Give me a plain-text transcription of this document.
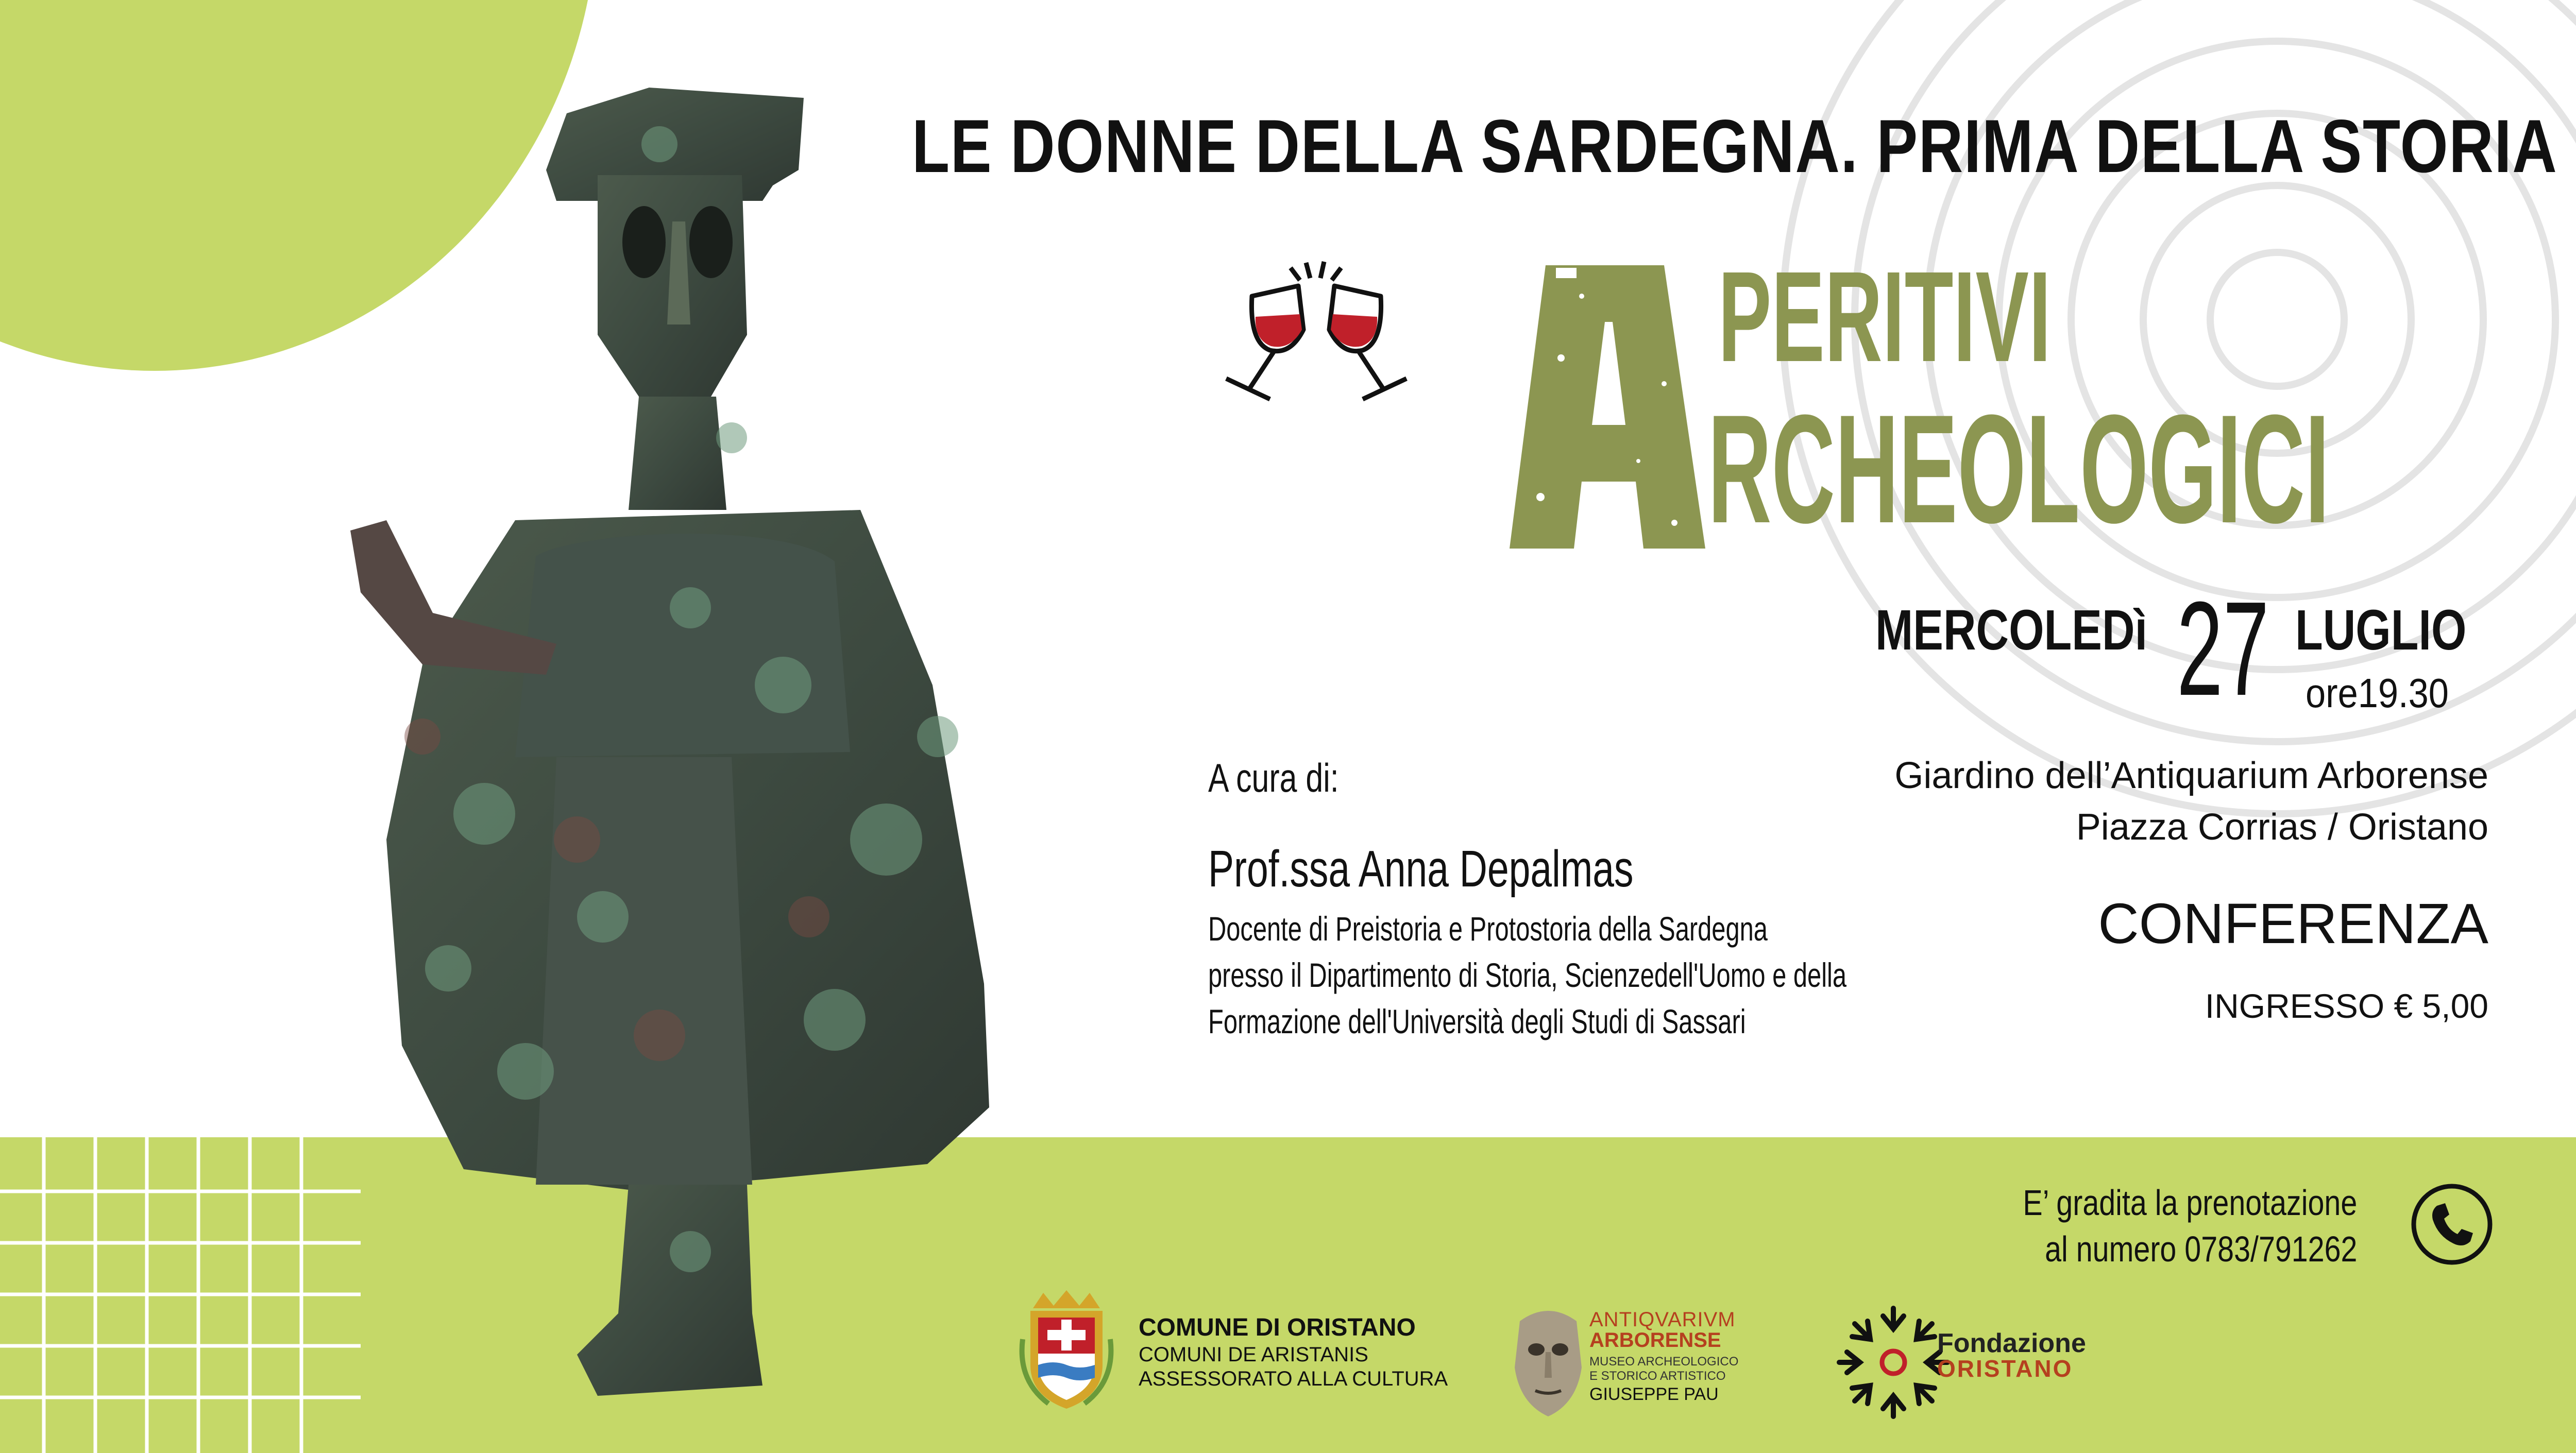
LE DONNE DELLA SARDEGNA. PRIMA DELLA STORIA
PERITIVI
RCHEOLOGICI
MERCOLEDì 27 LUGLIO
ore19.30
Giardino dell’Antiquarium Arborense
Piazza Corrias / Oristano
CONFERENZA
INGRESSO € 5,00
A cura di:
Prof.ssa Anna Depalmas
Docente di Preistoria e Protostoria della Sardegna
presso il Dipartimento di Storia, Scienzedell'Uomo e della
Formazione dell'Università degli Studi di Sassari
E’ gradita la prenotazione
al numero 0783/791262
COMUNE DI ORISTANO
COMUNI DE ARISTANIS
ASSESSORATO ALLA CULTURA
ANTIQVARIVM
ARBORENSE
MUSEO ARCHEOLOGICO
E STORICO ARTISTICO
GIUSEPPE PAU
Fondazione
ORISTANO
